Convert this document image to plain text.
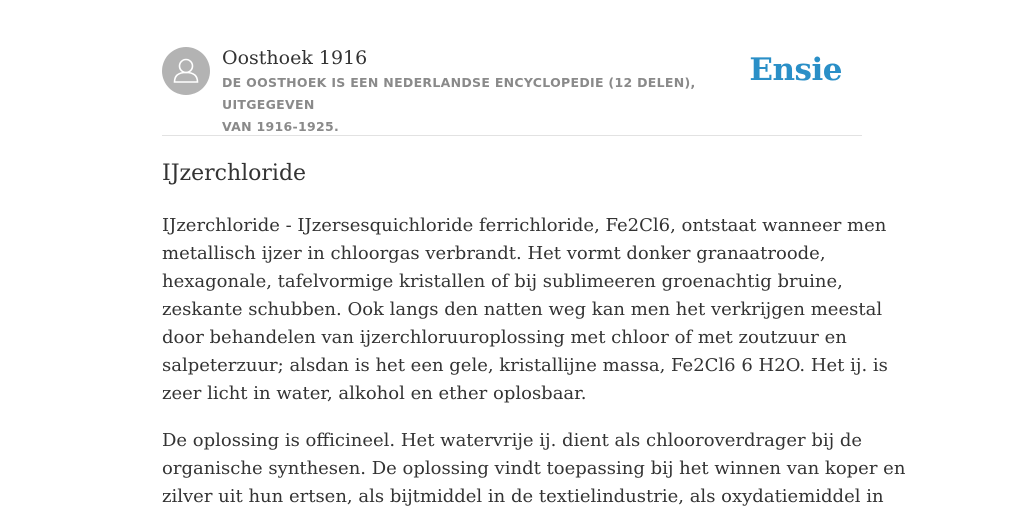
Oosthoek 1916
DE OOSTHOEK IS EEN NEDERLANDSE ENCYCLOPEDIE (12 DELEN), UITGEGEVEN
VAN 1916-1925.
Ensie
IJzerchloride
IJzerchloride - IJzersesquichloride ferrichloride, Fe2Cl6, ontstaat wanneer men
metallisch ijzer in chloorgas verbrandt. Het vormt donker granaatroode,
hexagonale, tafelvormige kristallen of bij sublimeeren groenachtig bruine,
zeskante schubben. Ook langs den natten weg kan men het verkrijgen meestal
door behandelen van ijzerchloruuroplossing met chloor of met zoutzuur en
salpeterzuur; alsdan is het een gele, kristallijne massa, Fe2Cl6 6 H2O. Het ij. is
zeer licht in water, alkohol en ether oplosbaar.
De oplossing is officineel. Het watervrije ij. dient als chlooroverdrager bij de
organische synthesen. De oplossing vindt toepassing bij het winnen van koper en
zilver uit hun ertsen, als bijtmiddel in de textielindustrie, als oxydatiemiddel in
